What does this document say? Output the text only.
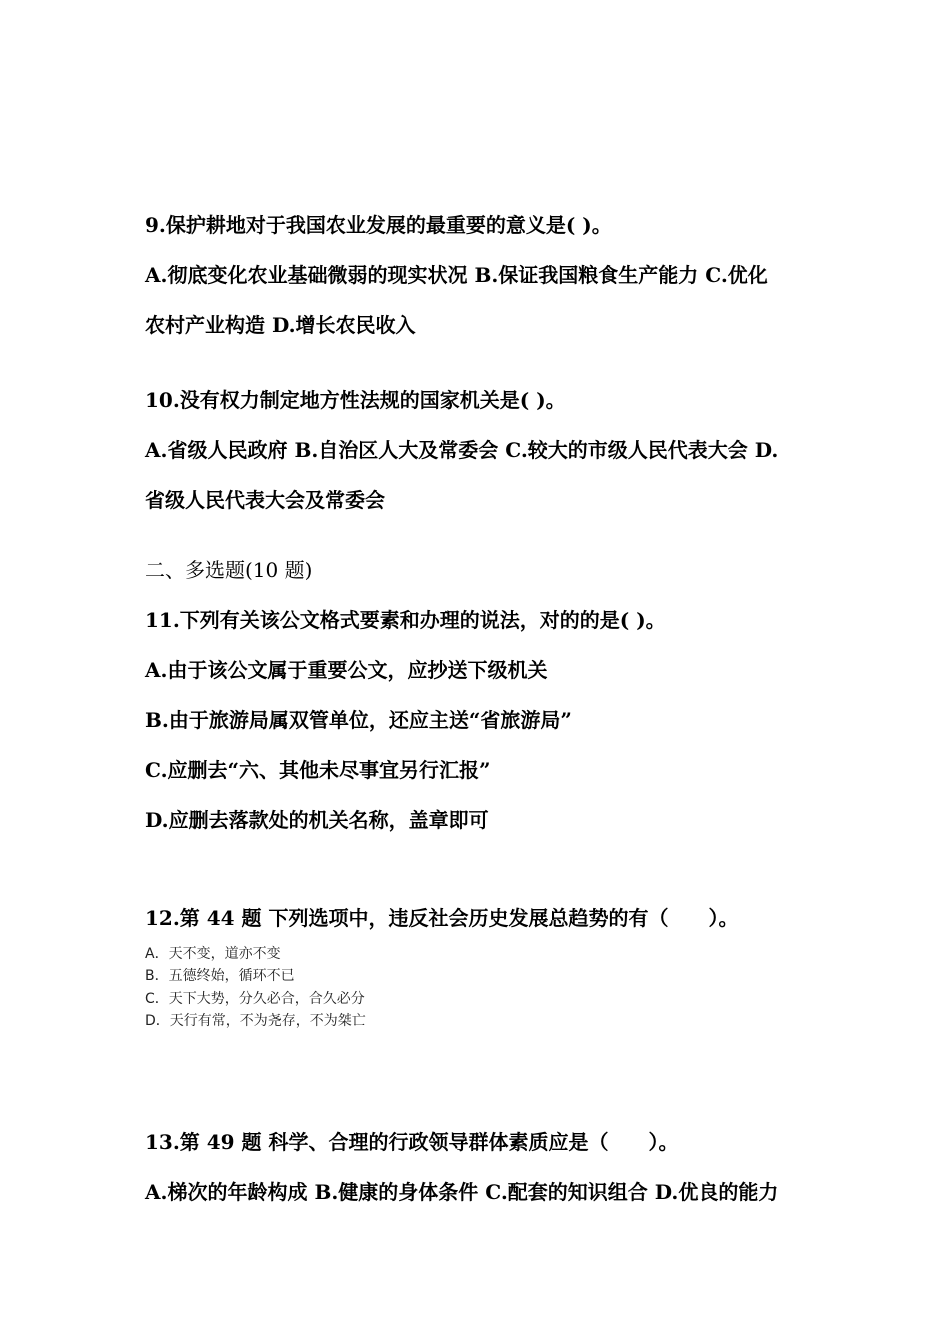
9.保护耕地对于我国农业发展的最重要的意义是( )。
A.彻底变化农业基础微弱的现实状况 B.保证我国粮食生产能力 C.优化
农村产业构造 D.增长农民收入
10.没有权力制定地方性法规的国家机关是( )。
A.省级人民政府 B.自治区人大及常委会 C.较大的市级人民代表大会 D.
省级人民代表大会及常委会
二、多选题(10 题)
11.下列有关该公文格式要素和办理的说法，对的的是( )。
A.由于该公文属于重要公文，应抄送下级机关
B.由于旅游局属双管单位，还应主送“省旅游局”
C.应删去“六、其他未尽事宜另行汇报”
D.应删去落款处的机关名称，盖章即可
12.第 44 题 下列选项中，违反社会历史发展总趋势的有（　　）。
A．天不变，道亦不变
B．五德终始，循环不已
C．天下大势，分久必合，合久必分
D．天行有常，不为尧存，不为桀亡
13.第 49 题 科学、合理的行政领导群体素质应是（　　）。
A.梯次的年龄构成 B.健康的身体条件 C.配套的知识组合 D.优良的能力
